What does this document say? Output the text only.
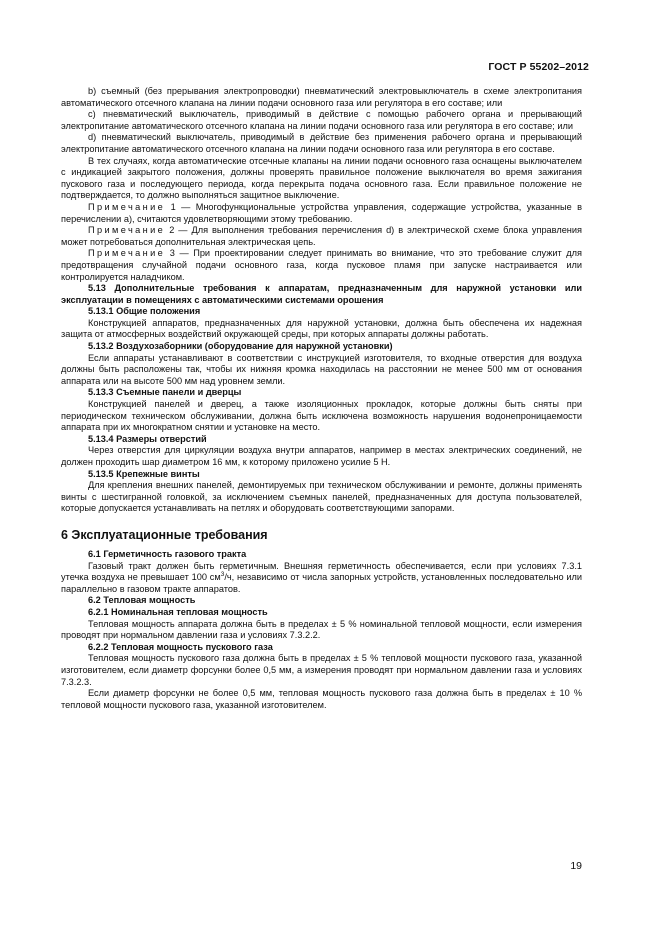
ГОСТ Р 55202–2012

b) съемный (без прерывания электропроводки) пневматический электровыключатель в схеме электропитания автоматического отсечного клапана на линии подачи основного газа или регулятора в его составе; или

c) пневматический выключатель, приводимый в действие с помощью рабочего органа и прерывающий электропитание автоматического отсечного клапана на линии подачи основного газа или регулятора в его составе; или

d) пневматический выключатель, приводимый в действие без применения рабочего органа и прерывающий электропитание автоматического отсечного клапана на линии подачи основного газа или регулятора в его составе.

В тех случаях, когда автоматические отсечные клапаны на линии подачи основного газа оснащены выключателем с индикацией закрытого положения, должны проверять правильное положение выключателя во время зажигания пускового газа и последующего периода, когда перекрыта подача основного газа. Если правильное положение не подтверждается, то должно выполняться защитное выключение.

Примечание 1 — Многофункциональные устройства управления, содержащие устройства, указанные в перечислении а), считаются удовлетворяющими этому требованию.

Примечание 2 — Для выполнения требования перечисления d) в электрической схеме блока управления может потребоваться дополнительная электрическая цепь.

Примечание 3 — При проектировании следует принимать во внимание, что это требование служит для предотвращения случайной подачи основного газа, когда пусковое пламя при запуске настраивается или контролируется наладчиком.

5.13 Дополнительные требования к аппаратам, предназначенным для наружной установки или эксплуатации в помещениях с автоматическими системами орошения

5.13.1 Общие положения

Конструкцией аппаратов, предназначенных для наружной установки, должна быть обеспечена их надежная защита от атмосферных воздействий окружающей среды, при которых аппараты должны работать.

5.13.2 Воздухозаборники (оборудование для наружной установки)

Если аппараты устанавливают в соответствии с инструкцией изготовителя, то входные отверстия для воздуха должны быть расположены так, чтобы их нижняя кромка находилась на расстоянии не менее 500 мм от основания аппарата или на высоте 500 мм над уровнем земли.

5.13.3 Съемные панели и дверцы

Конструкцией панелей и дверец, а также изоляционных прокладок, которые должны быть сняты при периодическом техническом обслуживании, должна быть исключена возможность нарушения водонепроницаемости аппарата при их многократном снятии и установке на место.

5.13.4 Размеры отверстий

Через отверстия для циркуляции воздуха внутри аппаратов, например в местах электрических соединений, не должен проходить шар диаметром 16 мм, к которому приложено усилие 5 Н.

5.13.5 Крепежные винты

Для крепления внешних панелей, демонтируемых при техническом обслуживании и ремонте, должны применять винты с шестигранной головкой, за исключением съемных панелей, предназначенных для доступа пользователей, которые допускается устанавливать на петлях и оборудовать соответствующими запорами.

6 Эксплуатационные требования

6.1 Герметичность газового тракта

Газовый тракт должен быть герметичным. Внешняя герметичность обеспечивается, если при условиях 7.3.1 утечка воздуха не превышает 100 $см^3/ч$, независимо от числа запорных устройств, установленных последовательно или параллельно в газовом тракте аппаратов.

6.2 Тепловая мощность

6.2.1 Номинальная тепловая мощность

Тепловая мощность аппарата должна быть в пределах ± 5 % номинальной тепловой мощности, если измерения проводят при нормальном давлении газа и условиях 7.3.2.2.

6.2.2 Тепловая мощность пускового газа

Тепловая мощность пускового газа должна быть в пределах ± 5 % тепловой мощности пускового газа, указанной изготовителем, если диаметр форсунки более 0,5 мм, а измерения проводят при нормальном давлении газа и условиях 7.3.2.3.

Если диаметр форсунки не более 0,5 мм, тепловая мощность пускового газа должна быть в пределах ± 10 % тепловой мощности пускового газа, указанной изготовителем.

19
